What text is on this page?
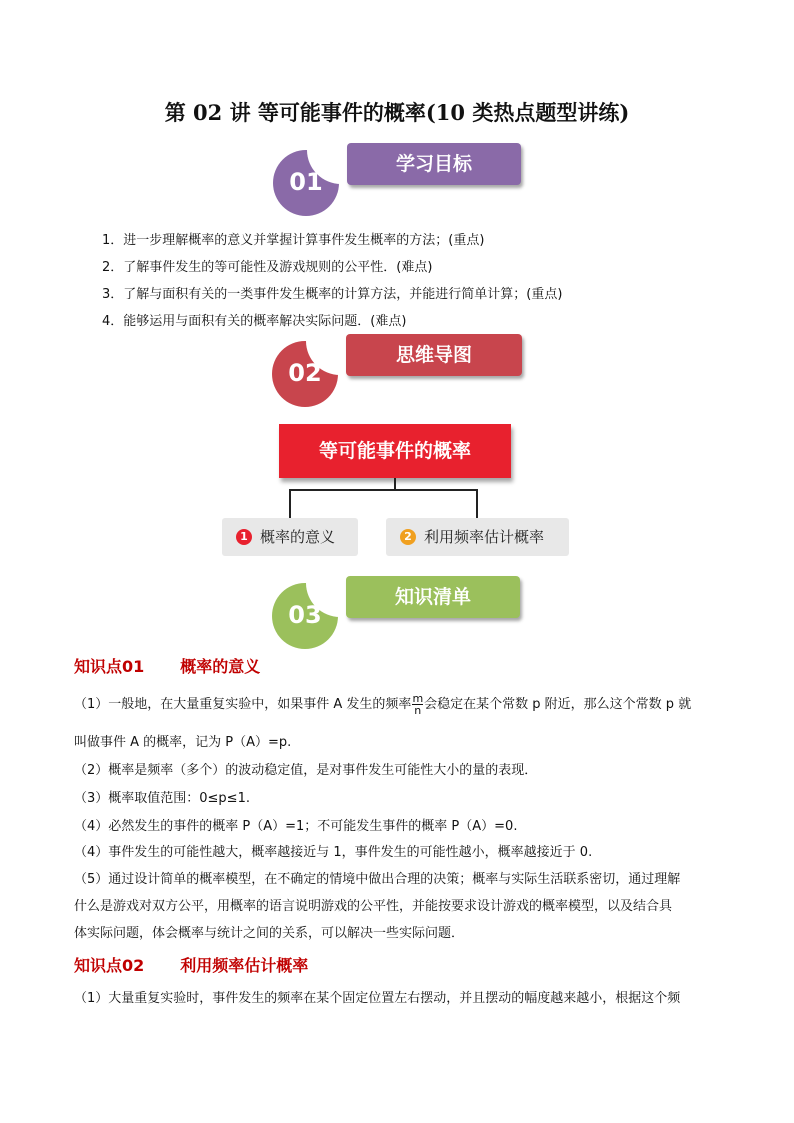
第 02 讲 等可能事件的概率(10 类热点题型讲练)
01
学习目标
1．进一步理解概率的意义并掌握计算事件发生概率的方法；(重点)
2．了解事件发生的等可能性及游戏规则的公平性．(难点)
3．了解与面积有关的一类事件发生概率的计算方法，并能进行简单计算；(重点)
4．能够运用与面积有关的概率解决实际问题．(难点)
02
思维导图
等可能事件的概率
1 概率的意义	2 利用频率估计概率
03
知识清单
知识点01 概率的意义
（1）一般地，在大量重复实验中，如果事件 A 发生的频率 $\frac{m}{n}$ 会稳定在某个常数 p 附近，那么这个常数 p 就
叫做事件 A 的概率，记为 P（A）=p.
（2）概率是频率（多个）的波动稳定值，是对事件发生可能性大小的量的表现．
（3）概率取值范围：0≤p≤1.
（4）必然发生的事件的概率 P（A）=1；不可能发生事件的概率 P（A）=0.
（4）事件发生的可能性越大，概率越接近与 1，事件发生的可能性越小，概率越接近于 0.
（5）通过设计简单的概率模型，在不确定的情境中做出合理的决策；概率与实际生活联系密切，通过理解
什么是游戏对双方公平，用概率的语言说明游戏的公平性，并能按要求设计游戏的概率模型，以及结合具
体实际问题，体会概率与统计之间的关系，可以解决一些实际问题．
知识点02 利用频率估计概率
（1）大量重复实验时，事件发生的频率在某个固定位置左右摆动，并且摆动的幅度越来越小，根据这个频
